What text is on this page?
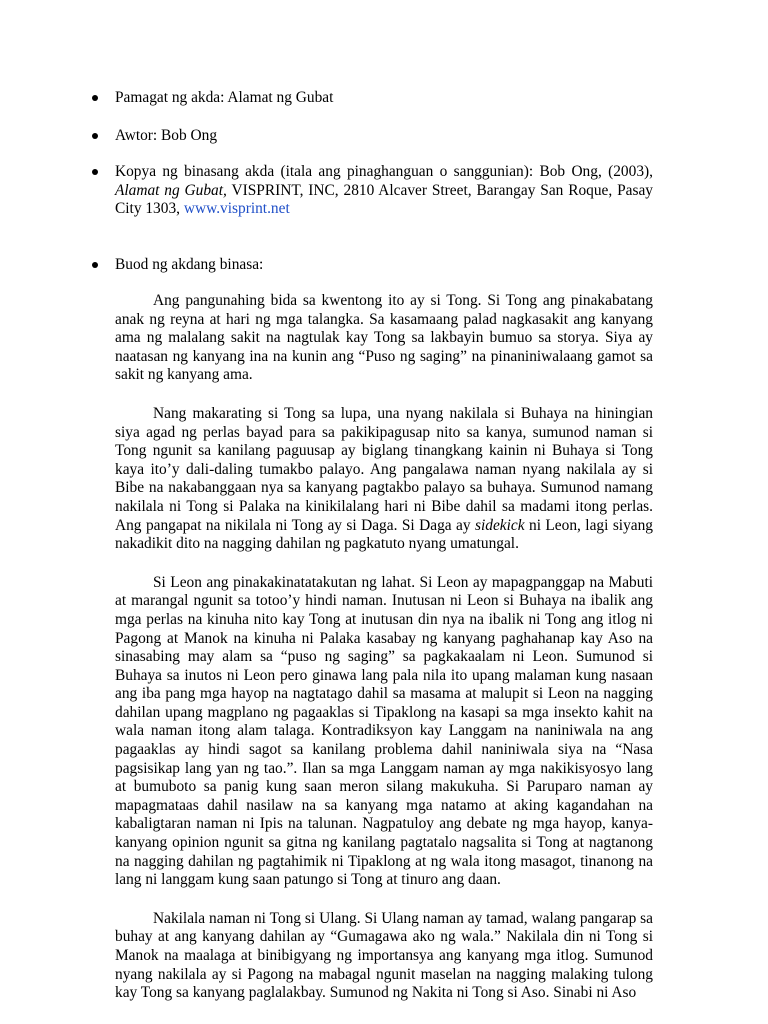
Pamagat ng akda: Alamat ng Gubat
Awtor: Bob Ong
Kopya ng binasang akda (itala ang pinaghanguan o sanggunian): Bob Ong, (2003), Alamat ng Gubat, VISPRINT, INC, 2810 Alcaver Street, Barangay San Roque, Pasay City 1303, www.visprint.net
Buod ng akdang binasa:

Ang pangunahing bida sa kwentong ito ay si Tong. Si Tong ang pinakabatang anak ng reyna at hari ng mga talangka. Sa kasamaang palad nagkasakit ang kanyang ama ng malalang sakit na nagtulak kay Tong sa lakbayin bumuo sa storya. Siya ay naatasan ng kanyang ina na kunin ang “Puso ng saging” na pinaniniwalaang gamot sa sakit ng kanyang ama.

Nang makarating si Tong sa lupa, una nyang nakilala si Buhaya na hiningian siya agad ng perlas bayad para sa pakikipagusap nito sa kanya, sumunod naman si Tong ngunit sa kanilang paguusap ay biglang tinangkang kainin ni Buhaya si Tong kaya ito’y dali-daling tumakbo palayo. Ang pangalawa naman nyang nakilala ay si Bibe na nakabanggaan nya sa kanyang pagtakbo palayo sa buhaya. Sumunod namang nakilala ni Tong si Palaka na kinikilalang hari ni Bibe dahil sa madami itong perlas. Ang pangapat na nikilala ni Tong ay si Daga. Si Daga ay sidekick ni Leon, lagi siyang nakadikit dito na nagging dahilan ng pagkatuto nyang umatungal.

Si Leon ang pinakakinatatakutan ng lahat. Si Leon ay mapagpanggap na Mabuti at marangal ngunit sa totoo’y hindi naman. Inutusan ni Leon si Buhaya na ibalik ang mga perlas na kinuha nito kay Tong at inutusan din nya na ibalik ni Tong ang itlog ni Pagong at Manok na kinuha ni Palaka kasabay ng kanyang paghahanap kay Aso na sinasabing may alam sa “puso ng saging” sa pagkakaalam ni Leon. Sumunod si Buhaya sa inutos ni Leon pero ginawa lang pala nila ito upang malaman kung nasaan ang iba pang mga hayop na nagtatago dahil sa masama at malupit si Leon na nagging dahilan upang magplano ng pagaaklas si Tipaklong na kasapi sa mga insekto kahit na wala naman itong alam talaga. Kontradiksyon kay Langgam na naniniwala na ang pagaaklas ay hindi sagot sa kanilang problema dahil naniniwala siya na “Nasa pagsisikap lang yan ng tao.”. Ilan sa mga Langgam naman ay mga nakikisyosyo lang at bumuboto sa panig kung saan meron silang makukuha. Si Paruparo naman ay mapagmataas dahil nasilaw na sa kanyang mga natamo at aking kagandahan na kabaligtaran naman ni Ipis na talunan. Nagpatuloy ang debate ng mga hayop, kanya-kanyang opinion ngunit sa gitna ng kanilang pagtatalo nagsalita si Tong at nagtanong na nagging dahilan ng pagtahimik ni Tipaklong at ng wala itong masagot, tinanong na lang ni langgam kung saan patungo si Tong at tinuro ang daan.

Nakilala naman ni Tong si Ulang. Si Ulang naman ay tamad, walang pangarap sa buhay at ang kanyang dahilan ay “Gumagawa ako ng wala.” Nakilala din ni Tong si Manok na maalaga at binibigyang ng importansya ang kanyang mga itlog. Sumunod nyang nakilala ay si Pagong na mabagal ngunit maselan na nagging malaking tulong kay Tong sa kanyang paglalakbay. Sumunod ng Nakita ni Tong si Aso. Sinabi ni Aso
